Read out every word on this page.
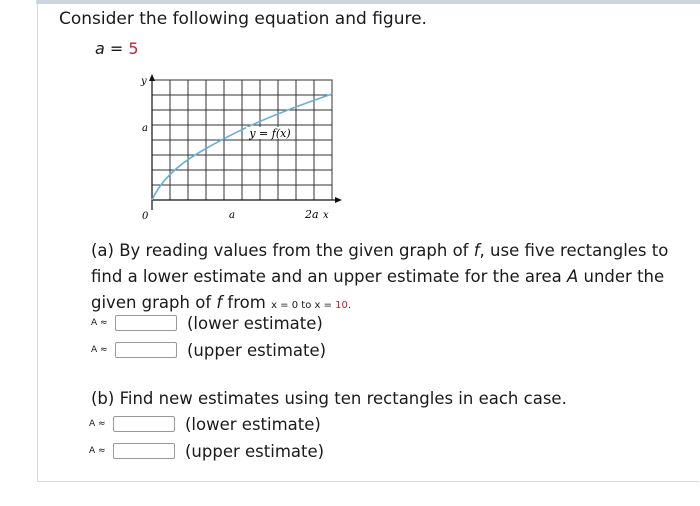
Consider the following equation and figure.
a = 5
y = f(x)
y
a
0	a	2a x
(a) By reading values from the given graph of f, use five rectangles to
find a lower estimate and an upper estimate for the area A under the
given graph of f from x = 0 to x = 10.
A ≈	(lower estimate)
A ≈	(upper estimate)
(b) Find new estimates using ten rectangles in each case.
A ≈	(lower estimate)
A ≈	(upper estimate)
